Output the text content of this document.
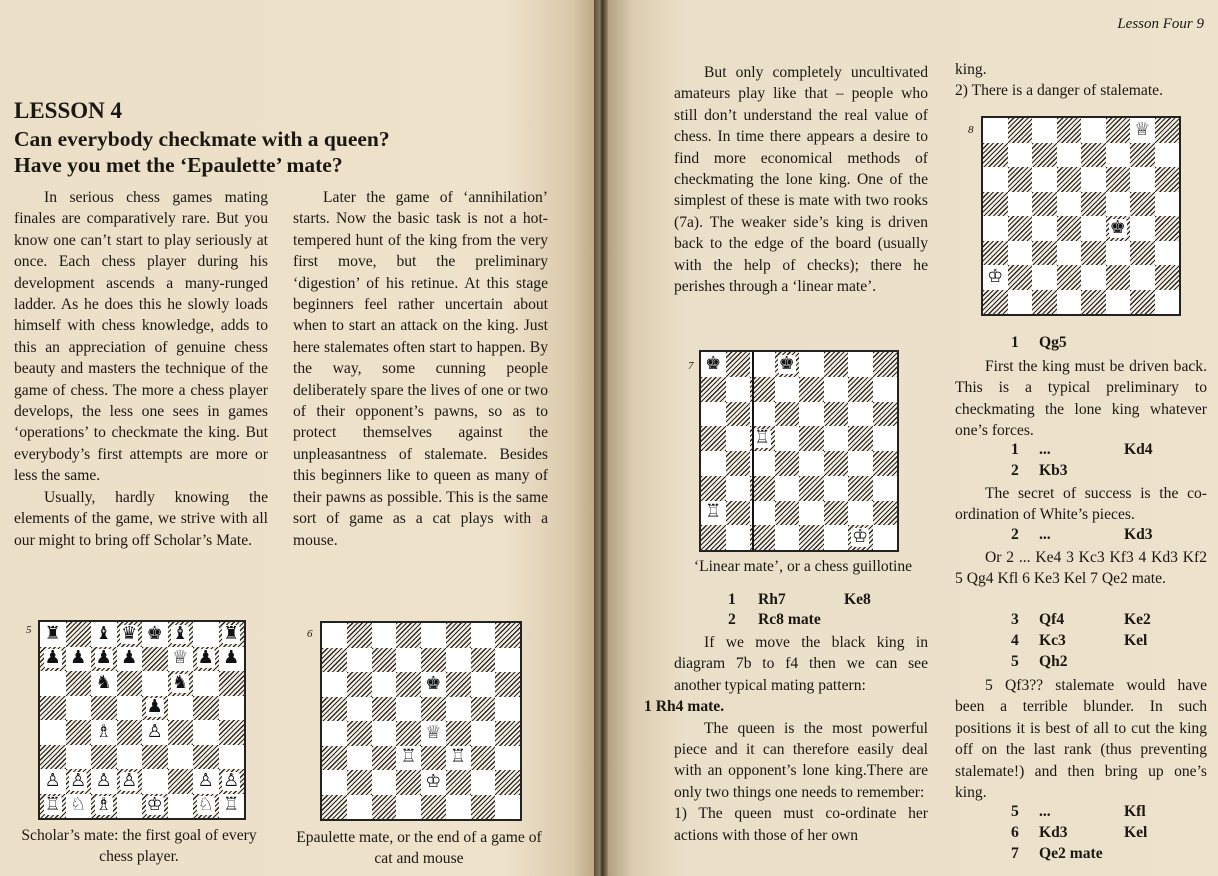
LESSON 4
Can everybody checkmate with a queen?
Have you met the ‘Epaulette’ mate?

In serious chess games mating finales are comparatively rare. But you know one can’t start to play seriously at once. Each chess player during his development ascends a many-runged ladder. As he does this he slowly loads himself with chess knowledge, adds to this an appreciation of genuine chess beauty and masters the technique of the game of chess. The more a chess player develops, the less one sees in games ‘operations’ to checkmate the king. But everybody’s first attempts are more or less the same.

Usually, hardly knowing the elements of the game, we strive with all our might to bring off Scholar’s Mate.

Later the game of ‘annihilation’ starts. Now the basic task is not a hot-tempered hunt of the king from the very first move, but the preliminary ‘digestion’ of his retinue. At this stage beginners feel rather uncertain about when to start an attack on the king. Just here stalemates often start to happen. By the way, some cunning people deliberately spare the lives of one or two of their opponent’s pawns, so as to protect themselves against the unpleasantness of stalemate. Besides this beginners like to queen as many of their pawns as possible. This is the same sort of game as a cat plays with a mouse.

5 ♜ ♝ ♛ ♚ ♝ ♜
♟ ♟ ♟ ♟ ♕ ♟ ♟
♞	♞
♟
♗ ♙
♙ ♙ ♙ ♙	♙ ♙
♖ ♘ ♗ ♔ ♘ ♖
Scholar’s mate: the first goal of every chess player.
6
♚
♕
♖ ♖
♔
Epaulette mate, or the end of a game of cat and mouse
Lesson Four 9

But only completely uncultivated amateurs play like that – people who still don’t understand the real value of chess. In time there appears a desire to find more economical methods of checkmating the lone king. One of the simplest of these is mate with two rooks (7a). The weaker side’s king is driven back to the edge of the board (usually with the help of checks); there he perishes through a ‘linear mate’.

7 ♚	♚
♖
♖
♔
‘Linear mate’, or a chess guillotine
1 Rh7	Ke8
2 Rc8 mate

If we move the black king in diagram 7b to f4 then we can see another typical mating pattern:
1 Rh4 mate.

The queen is the most powerful piece and it can therefore easily deal with an opponent’s lone king.There are only two things one needs to remember:

1) The queen must co-ordinate her actions with those of her own

king.

2) There is a danger of stalemate.

8	♕
♚
♔
1 Qg5

First the king must be driven back. This is a typical preliminary to checkmating the lone king whatever one’s forces.

1 ...	Kd4
2 Kb3

The secret of success is the co-ordination of White’s pieces.

2 ...	Kd3

Or 2 ... Ke4 3 Kc3 Kf3 4 Kd3 Kf2 5 Qg4 Kfl 6 Ke3 Kel 7 Qe2 mate.

3 Qf4	Ke2
4 Kc3	Kel
5 Qh2

5 Qf3?? stalemate would have been a terrible blunder. In such positions it is best of all to cut the king off on the last rank (thus preventing stalemate!) and then bring up one’s king.

5 ...	Kfl
6 Kd3	Kel
7 Qe2 mate
